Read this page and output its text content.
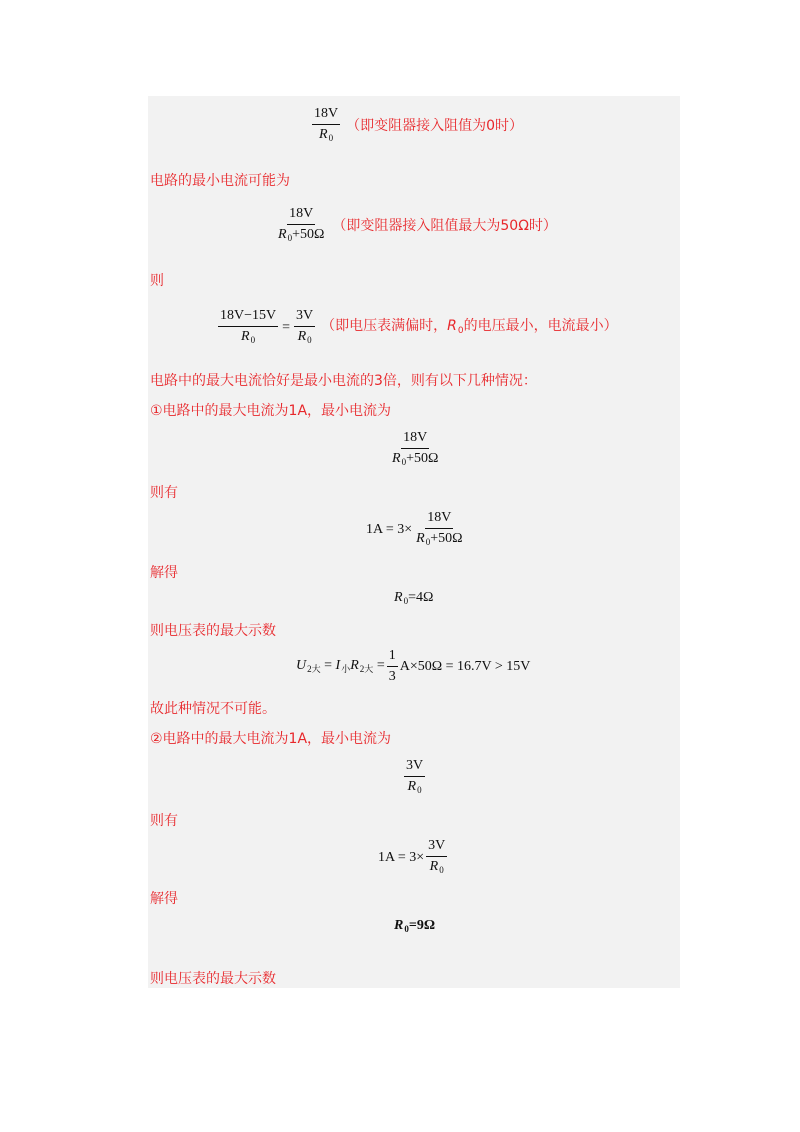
$\frac{18V}{R_0}$ （即变阻器接入阻值为0时）
电路的最小电流可能为
$\frac{18V}{R_0+50\Omega}$ （即变阻器接入阻值最大为50Ω时）
则
$\frac{18V-15V}{R_0} = \frac{3V}{R_0}$ （即电压表满偏时，$R_0$的电压最小，电流最小）
电路中的最大电流恰好是最小电流的3倍，则有以下几种情况：
①电路中的最大电流为1A，最小电流为
$\frac{18V}{R_0+50\Omega}$
则有
$1A = 3\times \frac{18V}{R_0+50\Omega}$
解得
$R_0=4\Omega$
则电压表的最大示数
$U_{2大} = I_小R_{2大} = \frac{1}{3} A\times 50\Omega = 16.7V > 15V$
故此种情况不可能。
②电路中的最大电流为1A，最小电流为
$\frac{3V}{R_0}$
则有
$1A = 3\times \frac{3V}{R_0}$
解得
$R_0=9\Omega$
则电压表的最大示数
